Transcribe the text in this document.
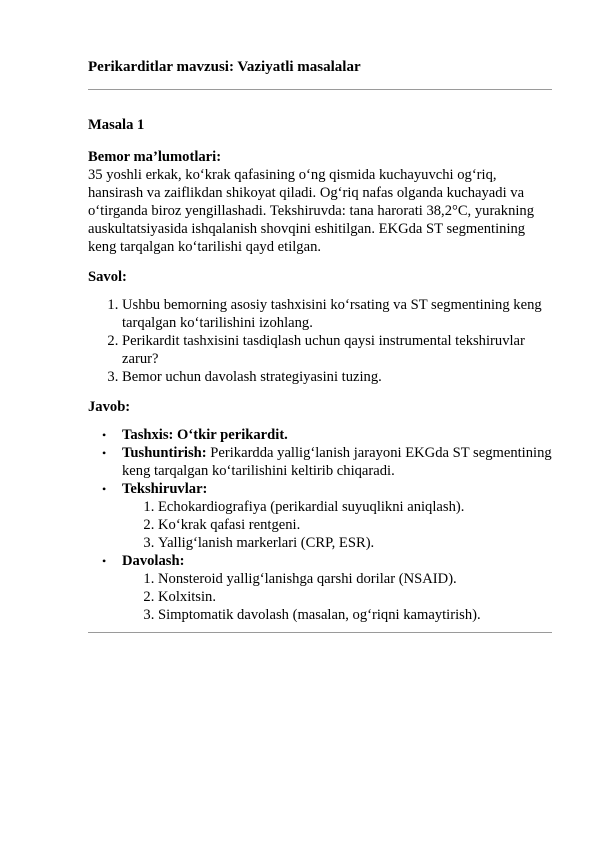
Perikarditlar mavzusi: Vaziyatli masalalar

Masala 1

Bemor ma’lumotlari:

35 yoshli erkak, ko‘krak qafasining o‘ng qismida kuchayuvchi og‘riq, hansirash va zaiflikdan shikoyat qiladi. Og‘riq nafas olganda kuchayadi va o‘tirganda biroz yengillashadi. Tekshiruvda: tana harorati 38,2°C, yurakning auskultatsiyasida ishqalanish shovqini eshitilgan. EKGda ST segmentining keng tarqalgan ko‘tarilishi qayd etilgan.

Savol:

1. Ushbu bemorning asosiy tashxisini ko‘rsating va ST segmentining keng tarqalgan ko‘tarilishini izohlang.
2. Perikardit tashxisini tasdiqlash uchun qaysi instrumental tekshiruvlar zarur?
3. Bemor uchun davolash strategiyasini tuzing.

Javob:

• Tashxis: O‘tkir perikardit.
• Tushuntirish: Perikardda yallig‘lanish jarayoni EKGda ST segmentining keng tarqalgan ko‘tarilishini keltirib chiqaradi.
• Tekshiruvlar:
1. Echokardiografiya (perikardial suyuqlikni aniqlash).
2. Ko‘krak qafasi rentgeni.
3. Yallig‘lanish markerlari (CRP, ESR).
• Davolash:
1. Nonsteroid yallig‘lanishga qarshi dorilar (NSAID).
2. Kolxitsin.
3. Simptomatik davolash (masalan, og‘riqni kamaytirish).
